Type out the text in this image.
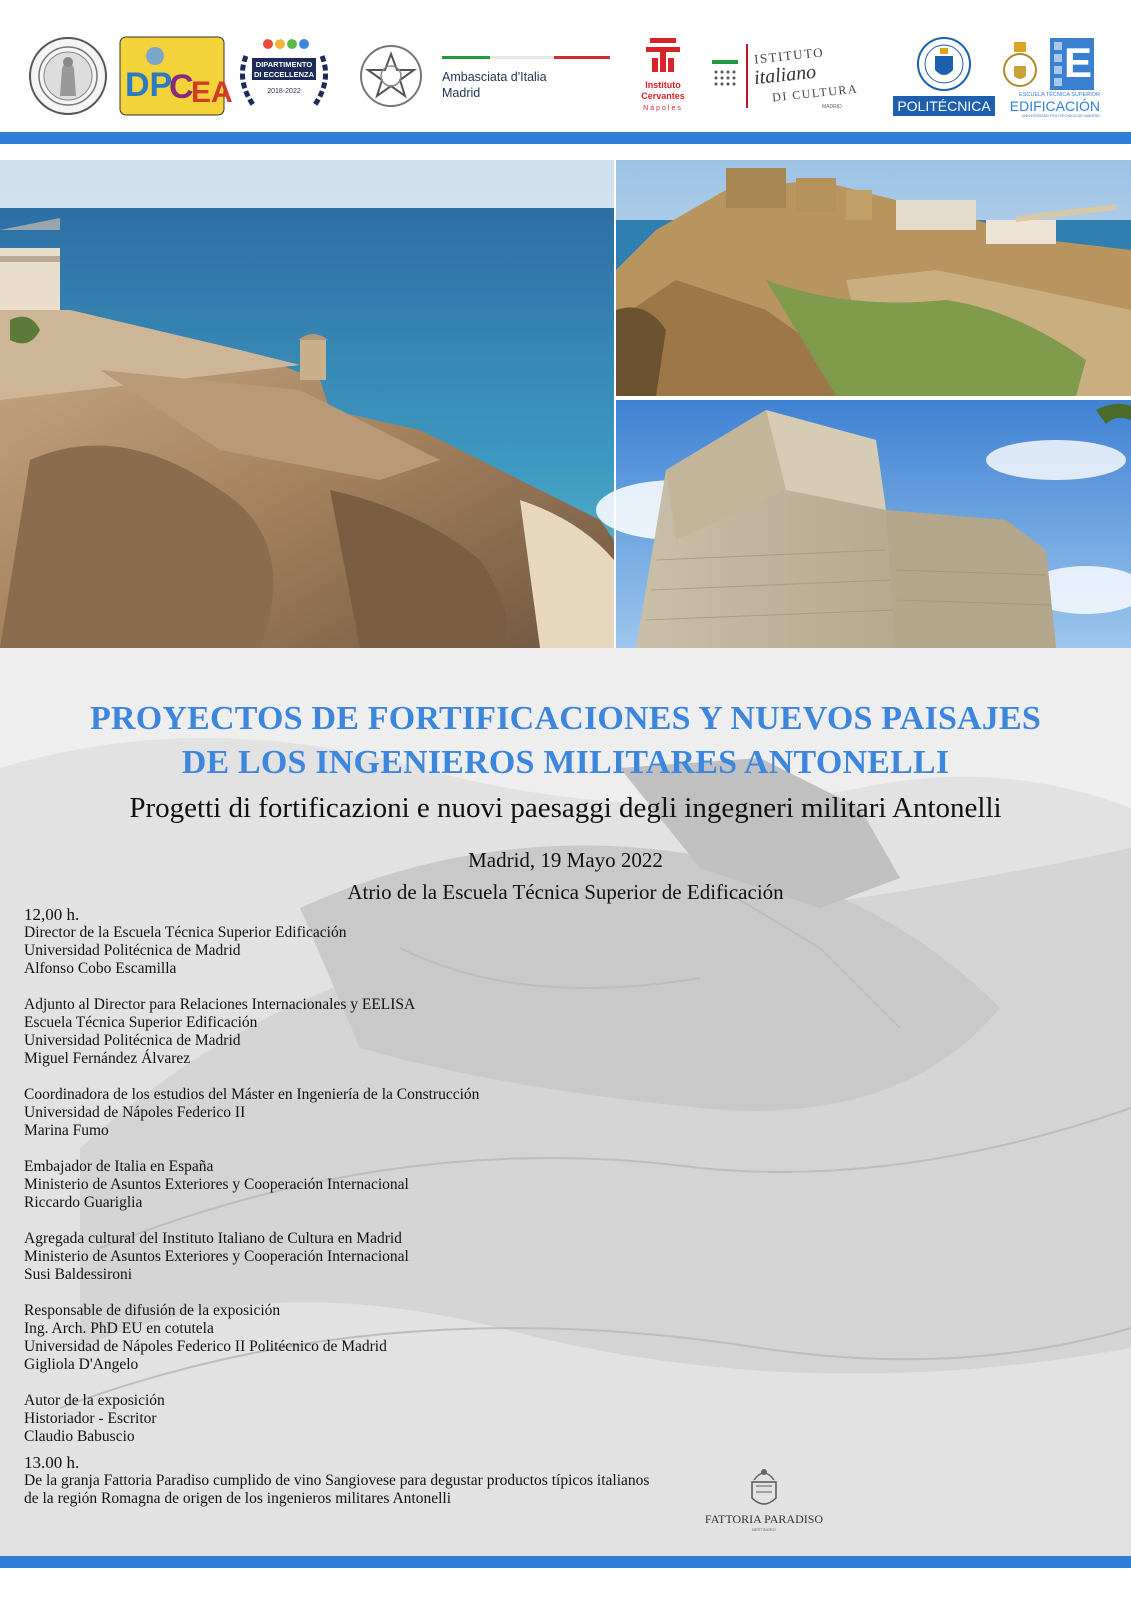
DP
C
EA
miur
DIPARTIMENTO
DI ECCELLENZA
2018-2022
Ambasciata d'Italia
Madrid
Instituto
Cervantes
Nápoles
ISTITUTO
italiano
DI CULTURA
MADRID	POLITÉCNICA
E
ESCUELA TÉCNICA SUPERIOR
EDIFICACIÓN
UNIVERSIDAD POLITÉCNICA DE MADRID
PROYECTOS DE FORTIFICACIONES Y NUEVOS PAISAJES
DE LOS INGENIEROS MILITARES ANTONELLI
Progetti di fortificazioni e nuovi paesaggi degli ingegneri militari Antonelli
Madrid, 19 Mayo 2022
Atrio de la Escuela Técnica Superior de Edificación
12,00 h.
Director de la Escuela Técnica Superior Edificación
Universidad Politécnica de Madrid
Alfonso Cobo Escamilla
Adjunto al Director para Relaciones Internacionales y EELISA
Escuela Técnica Superior Edificación
Universidad Politécnica de Madrid
Miguel Fernández Álvarez
Coordinadora de los estudios del Máster en Ingeniería de la Construcción
Universidad de Nápoles Federico II
Marina Fumo
Embajador de Italia en España
Ministerio de Asuntos Exteriores y Cooperación Internacional
Riccardo Guariglia
Agregada cultural del Instituto Italiano de Cultura en Madrid
Ministerio de Asuntos Exteriores y Cooperación Internacional
Susi Baldessironi
Responsable de difusión de la exposición
Ing. Arch. PhD EU en cotutela
Universidad de Nápoles Federico II Politécnico de Madrid
Gigliola D'Angelo
Autor de la exposición
Historiador - Escritor
Claudio Babuscio
13.00 h.
De la granja Fattoria Paradiso cumplido de vino Sangiovese para degustar productos típicos italianos
de la región Romagna de origen de los ingenieros militares Antonelli
FATTORIA PARADISO
BERTINORO
